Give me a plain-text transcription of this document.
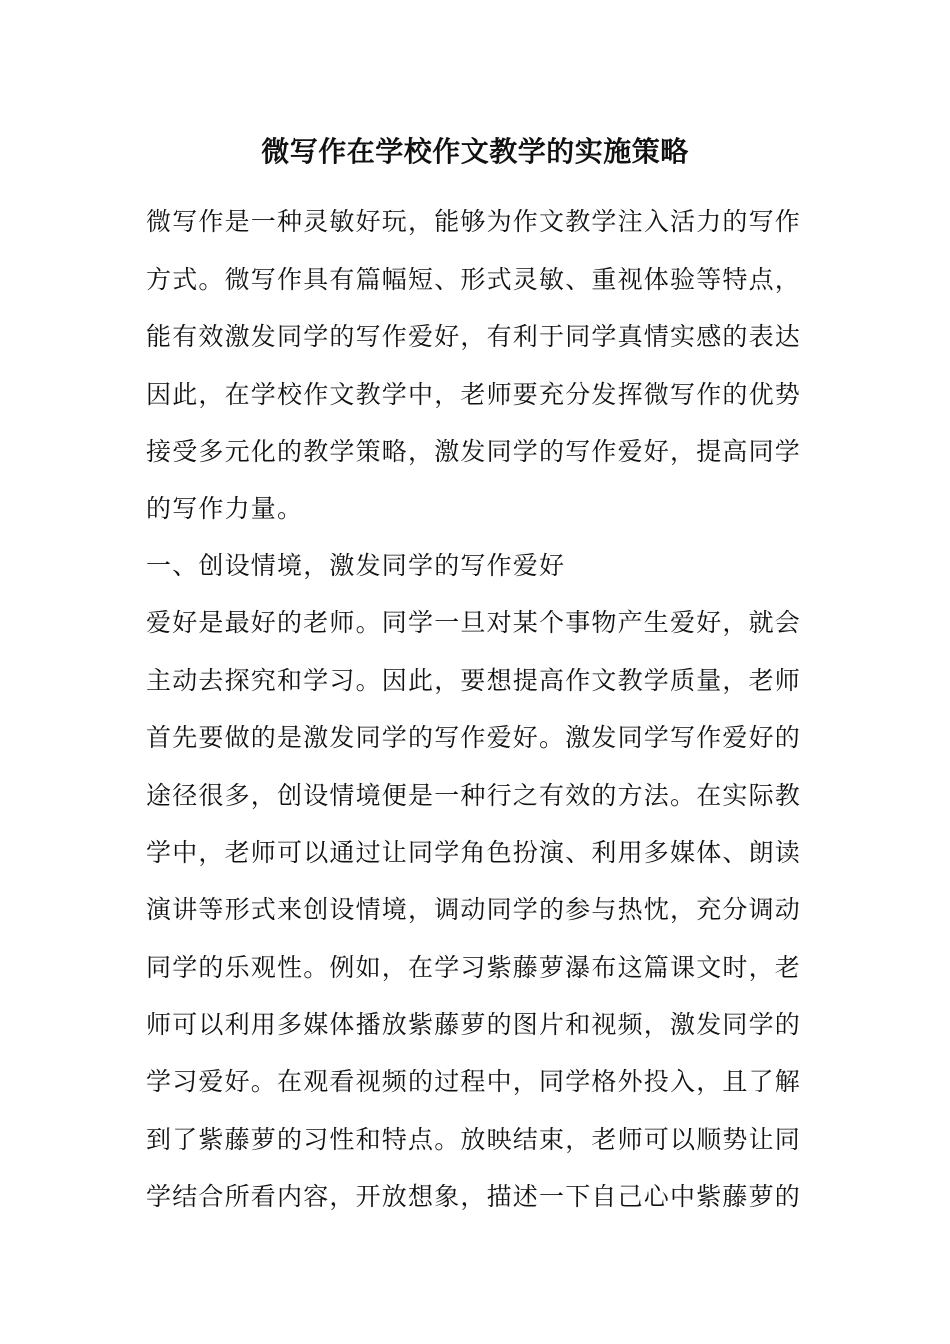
微写作在学校作文教学的实施策略
微写作是一种灵敏好玩，能够为作文教学注入活力的写作
方式。微写作具有篇幅短、形式灵敏、重视体验等特点，
能有效激发同学的写作爱好，有利于同学真情实感的表达
因此，在学校作文教学中，老师要充分发挥微写作的优势
接受多元化的教学策略，激发同学的写作爱好，提高同学
的写作力量。
一、创设情境，激发同学的写作爱好
爱好是最好的老师。同学一旦对某个事物产生爱好，就会
主动去探究和学习。因此，要想提高作文教学质量，老师
首先要做的是激发同学的写作爱好。激发同学写作爱好的
途径很多，创设情境便是一种行之有效的方法。在实际教
学中，老师可以通过让同学角色扮演、利用多媒体、朗读
演讲等形式来创设情境，调动同学的参与热忱，充分调动
同学的乐观性。例如，在学习紫藤萝瀑布这篇课文时，老
师可以利用多媒体播放紫藤萝的图片和视频，激发同学的
学习爱好。在观看视频的过程中，同学格外投入，且了解
到了紫藤萝的习性和特点。放映结束，老师可以顺势让同
学结合所看内容，开放想象，描述一下自己心中紫藤萝的
